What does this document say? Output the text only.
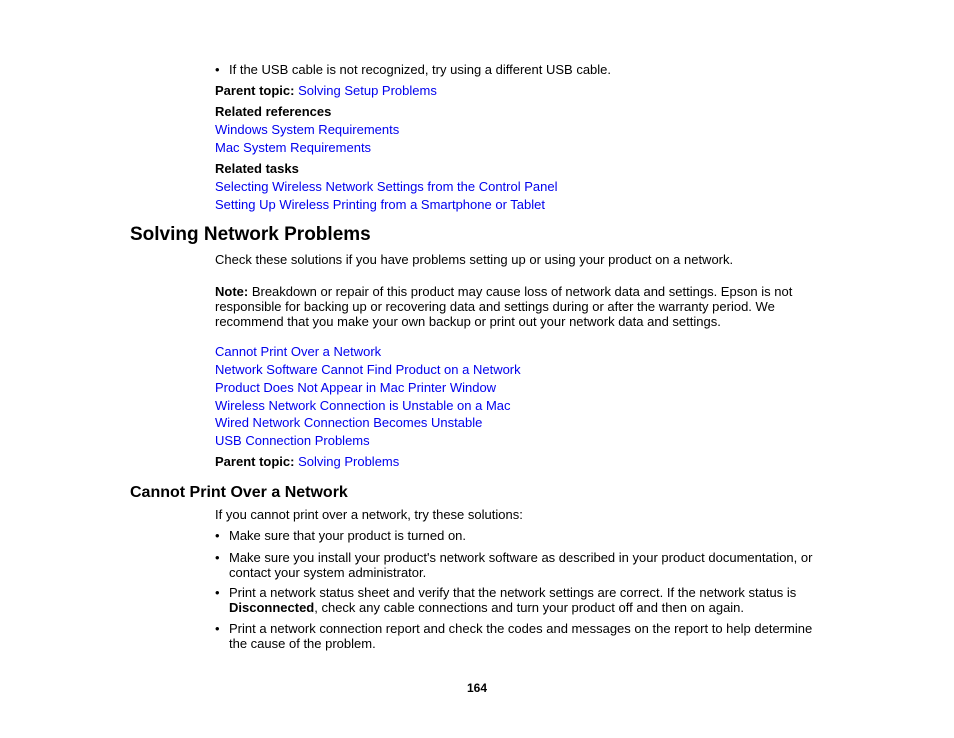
• If the USB cable is not recognized, try using a different USB cable.
Parent topic: Solving Setup Problems
Related references
Windows System Requirements
Mac System Requirements
Related tasks
Selecting Wireless Network Settings from the Control Panel
Setting Up Wireless Printing from a Smartphone or Tablet
Solving Network Problems
Check these solutions if you have problems setting up or using your product on a network.
Note: Breakdown or repair of this product may cause loss of network data and settings. Epson is not
responsible for backing up or recovering data and settings during or after the warranty period. We
recommend that you make your own backup or print out your network data and settings.
Cannot Print Over a Network
Network Software Cannot Find Product on a Network
Product Does Not Appear in Mac Printer Window
Wireless Network Connection is Unstable on a Mac
Wired Network Connection Becomes Unstable
USB Connection Problems
Parent topic: Solving Problems
Cannot Print Over a Network
If you cannot print over a network, try these solutions:
• Make sure that your product is turned on.
• Make sure you install your product's network software as described in your product documentation, or
contact your system administrator.
• Print a network status sheet and verify that the network settings are correct. If the network status is
Disconnected, check any cable connections and turn your product off and then on again.
• Print a network connection report and check the codes and messages on the report to help determine
the cause of the problem.
164
